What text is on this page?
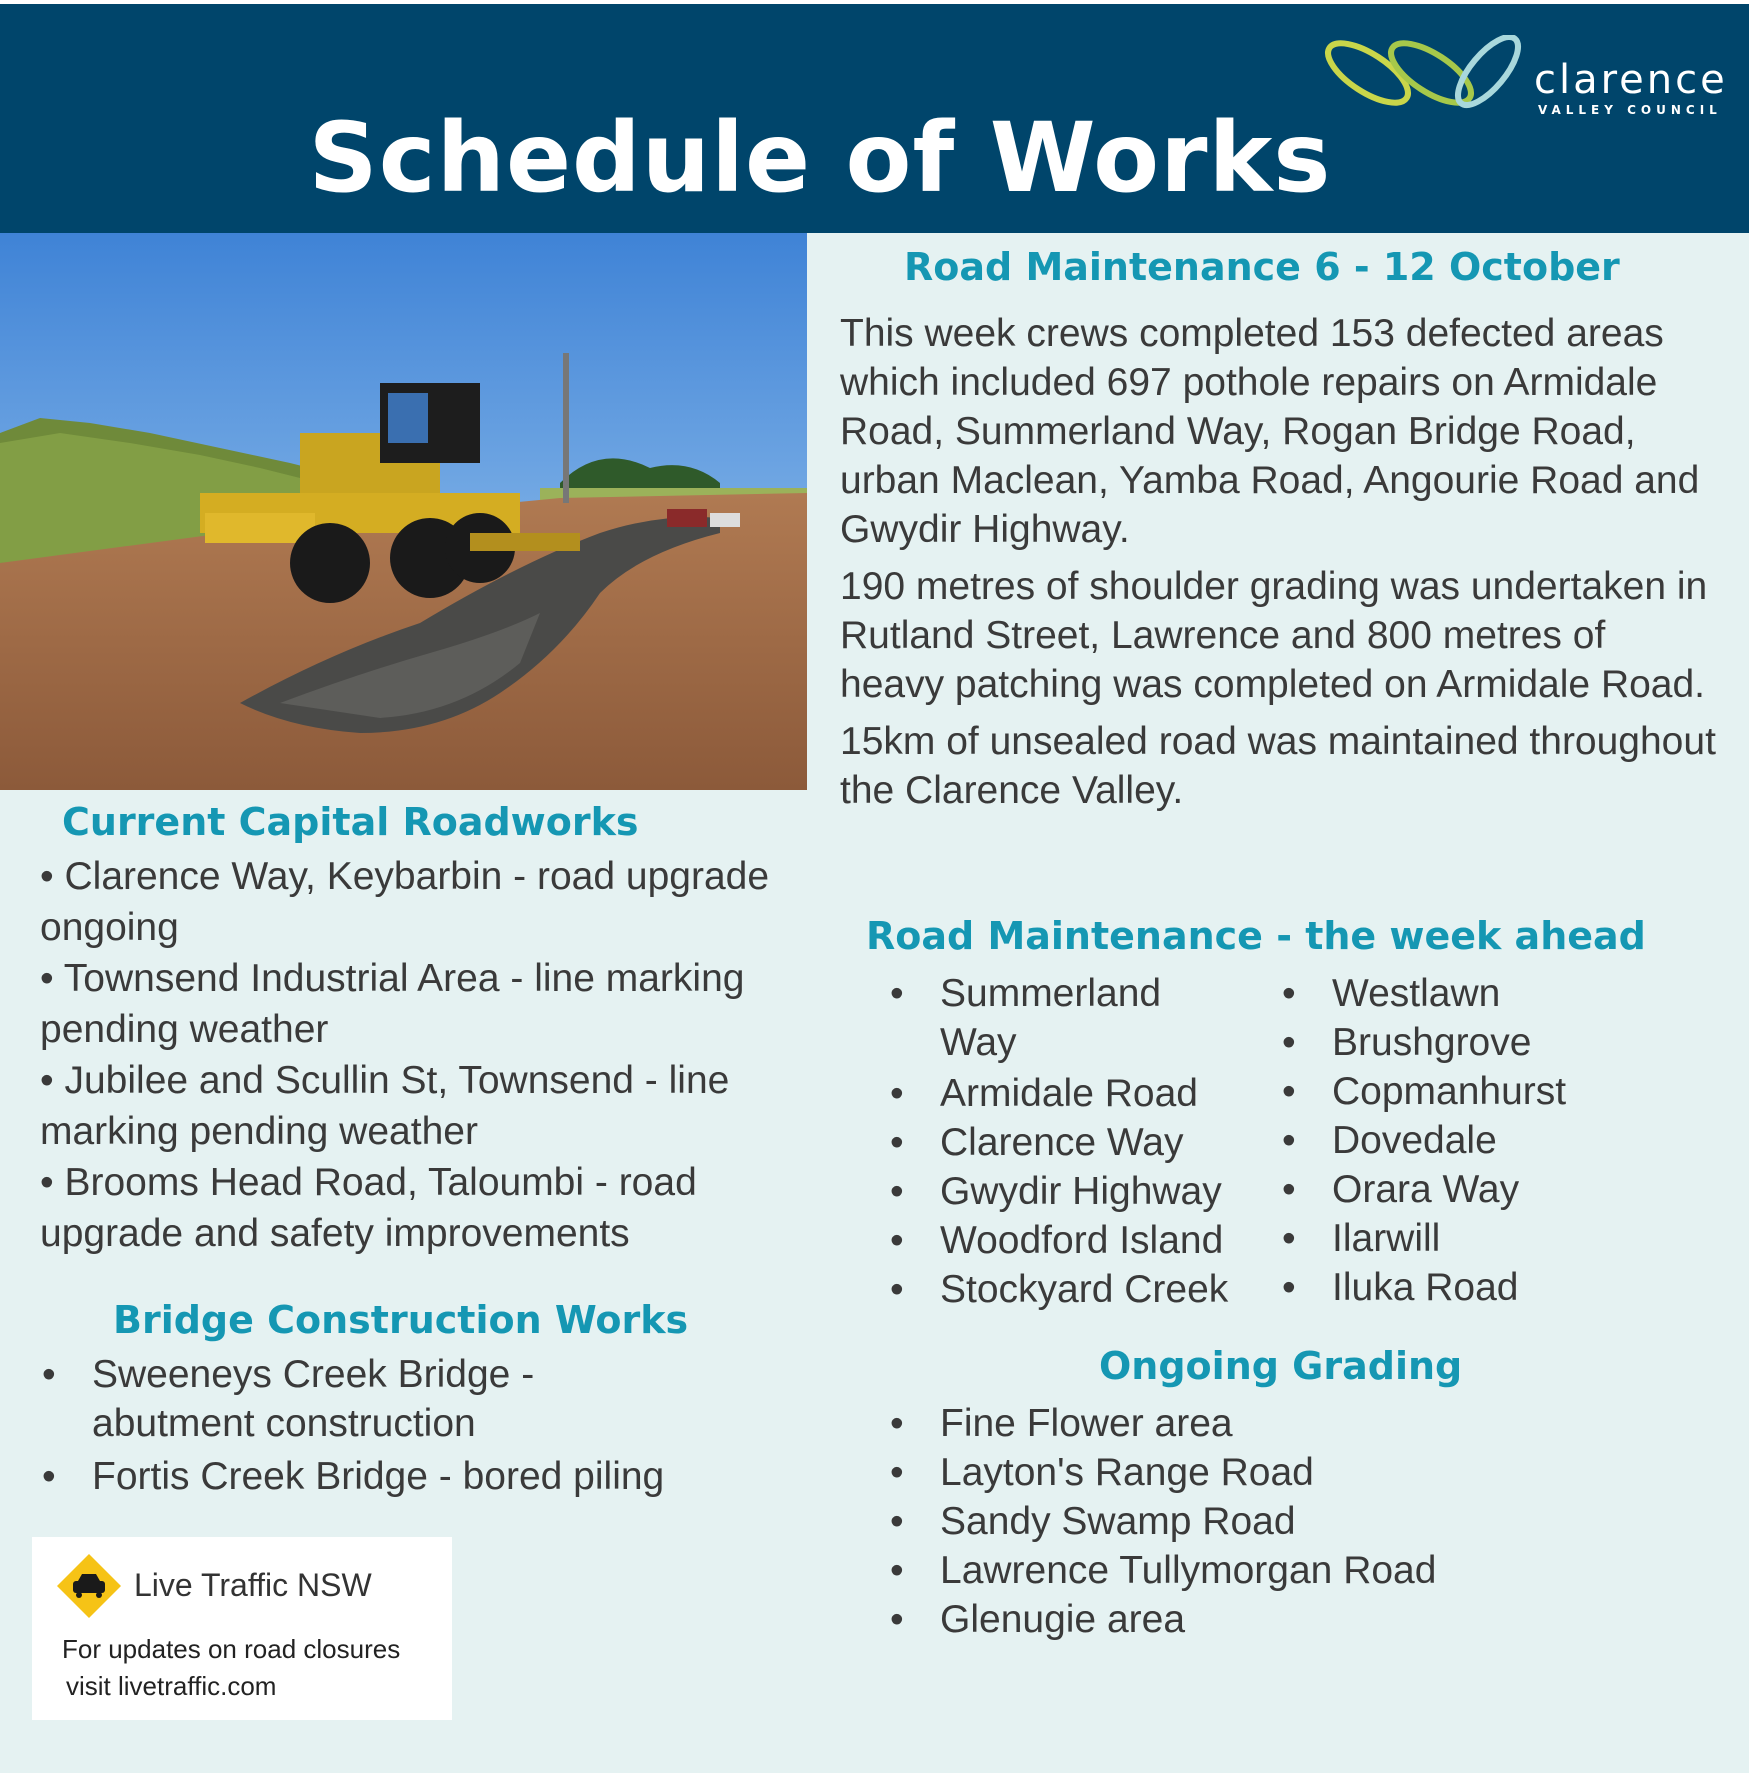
Schedule of Works
clarence
VALLEY COUNCIL
Current Capital Roadworks
• Clarence Way, Keybarbin - road upgrade ongoing
• Townsend Industrial Area - line marking pending weather
• Jubilee and Scullin St, Townsend - line marking pending weather
• Brooms Head Road, Taloumbi - road upgrade and safety improvements
Bridge Construction Works
• Sweeneys Creek Bridge - abutment construction
• Fortis Creek Bridge - bored piling
Live Traffic NSW
For updates on road closures
visit livetraffic.com
Road Maintenance 6 - 12 October

This week crews completed 153 defected areas which included 697 pothole repairs on Armidale Road, Summerland Way, Rogan Bridge Road, urban Maclean, Yamba Road, Angourie Road and Gwydir Highway.

190 metres of shoulder grading was undertaken in Rutland Street, Lawrence and 800 metres of heavy patching was completed on Armidale Road.

15km of unsealed road was maintained throughout the Clarence Valley.

Road Maintenance - the week ahead
• Summerland Way
• Armidale Road
• Clarence Way
• Gwydir Highway
• Woodford Island
• Stockyard Creek
• Westlawn
• Brushgrove
• Copmanhurst
• Dovedale
• Orara Way
• Ilarwill
• Iluka Road
Ongoing Grading
• Fine Flower area
• Layton's Range Road
• Sandy Swamp Road
• Lawrence Tullymorgan Road
• Glenugie area
